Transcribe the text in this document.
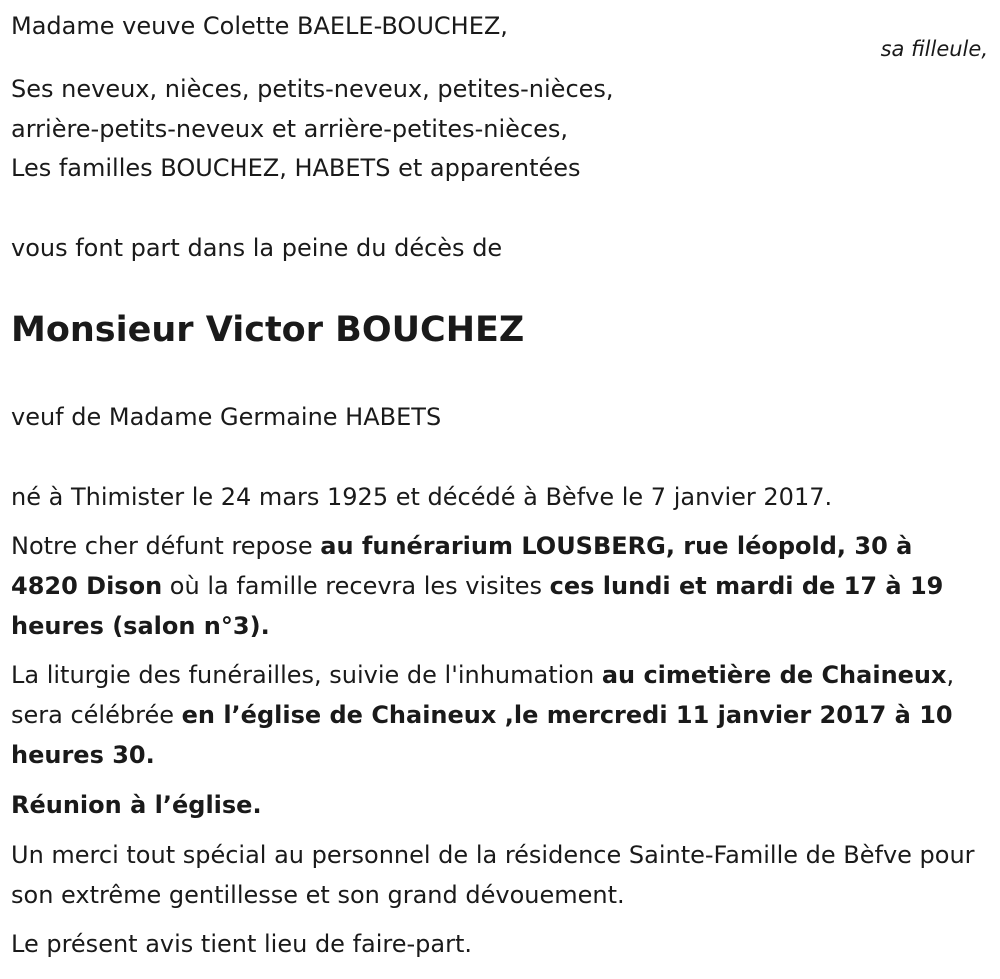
Madame veuve Colette BAELE-BOUCHEZ,

sa filleule,

Ses neveux, nièces, petits-neveux, petites-nièces,

arrière-petits-neveux et arrière-petites-nièces,

Les familles BOUCHEZ, HABETS et apparentées

vous font part dans la peine du décès de

Monsieur Victor BOUCHEZ

veuf de Madame Germaine HABETS

né à Thimister le 24 mars 1925 et décédé à Bèfve le 7 janvier 2017.

Notre cher défunt repose au funérarium LOUSBERG, rue léopold, 30 à 4820 Dison où la famille recevra les visites ces lundi et mardi de 17 à 19 heures (salon n°3).

La liturgie des funérailles, suivie de l'inhumation au cimetière de Chaineux, sera célébrée en l’église de Chaineux ,le mercredi 11 janvier 2017 à 10 heures 30.

Réunion à l’église.

Un merci tout spécial au personnel de la résidence Sainte-Famille de Bèfve pour son extrême gentillesse et son grand dévouement.

Le présent avis tient lieu de faire-part.
